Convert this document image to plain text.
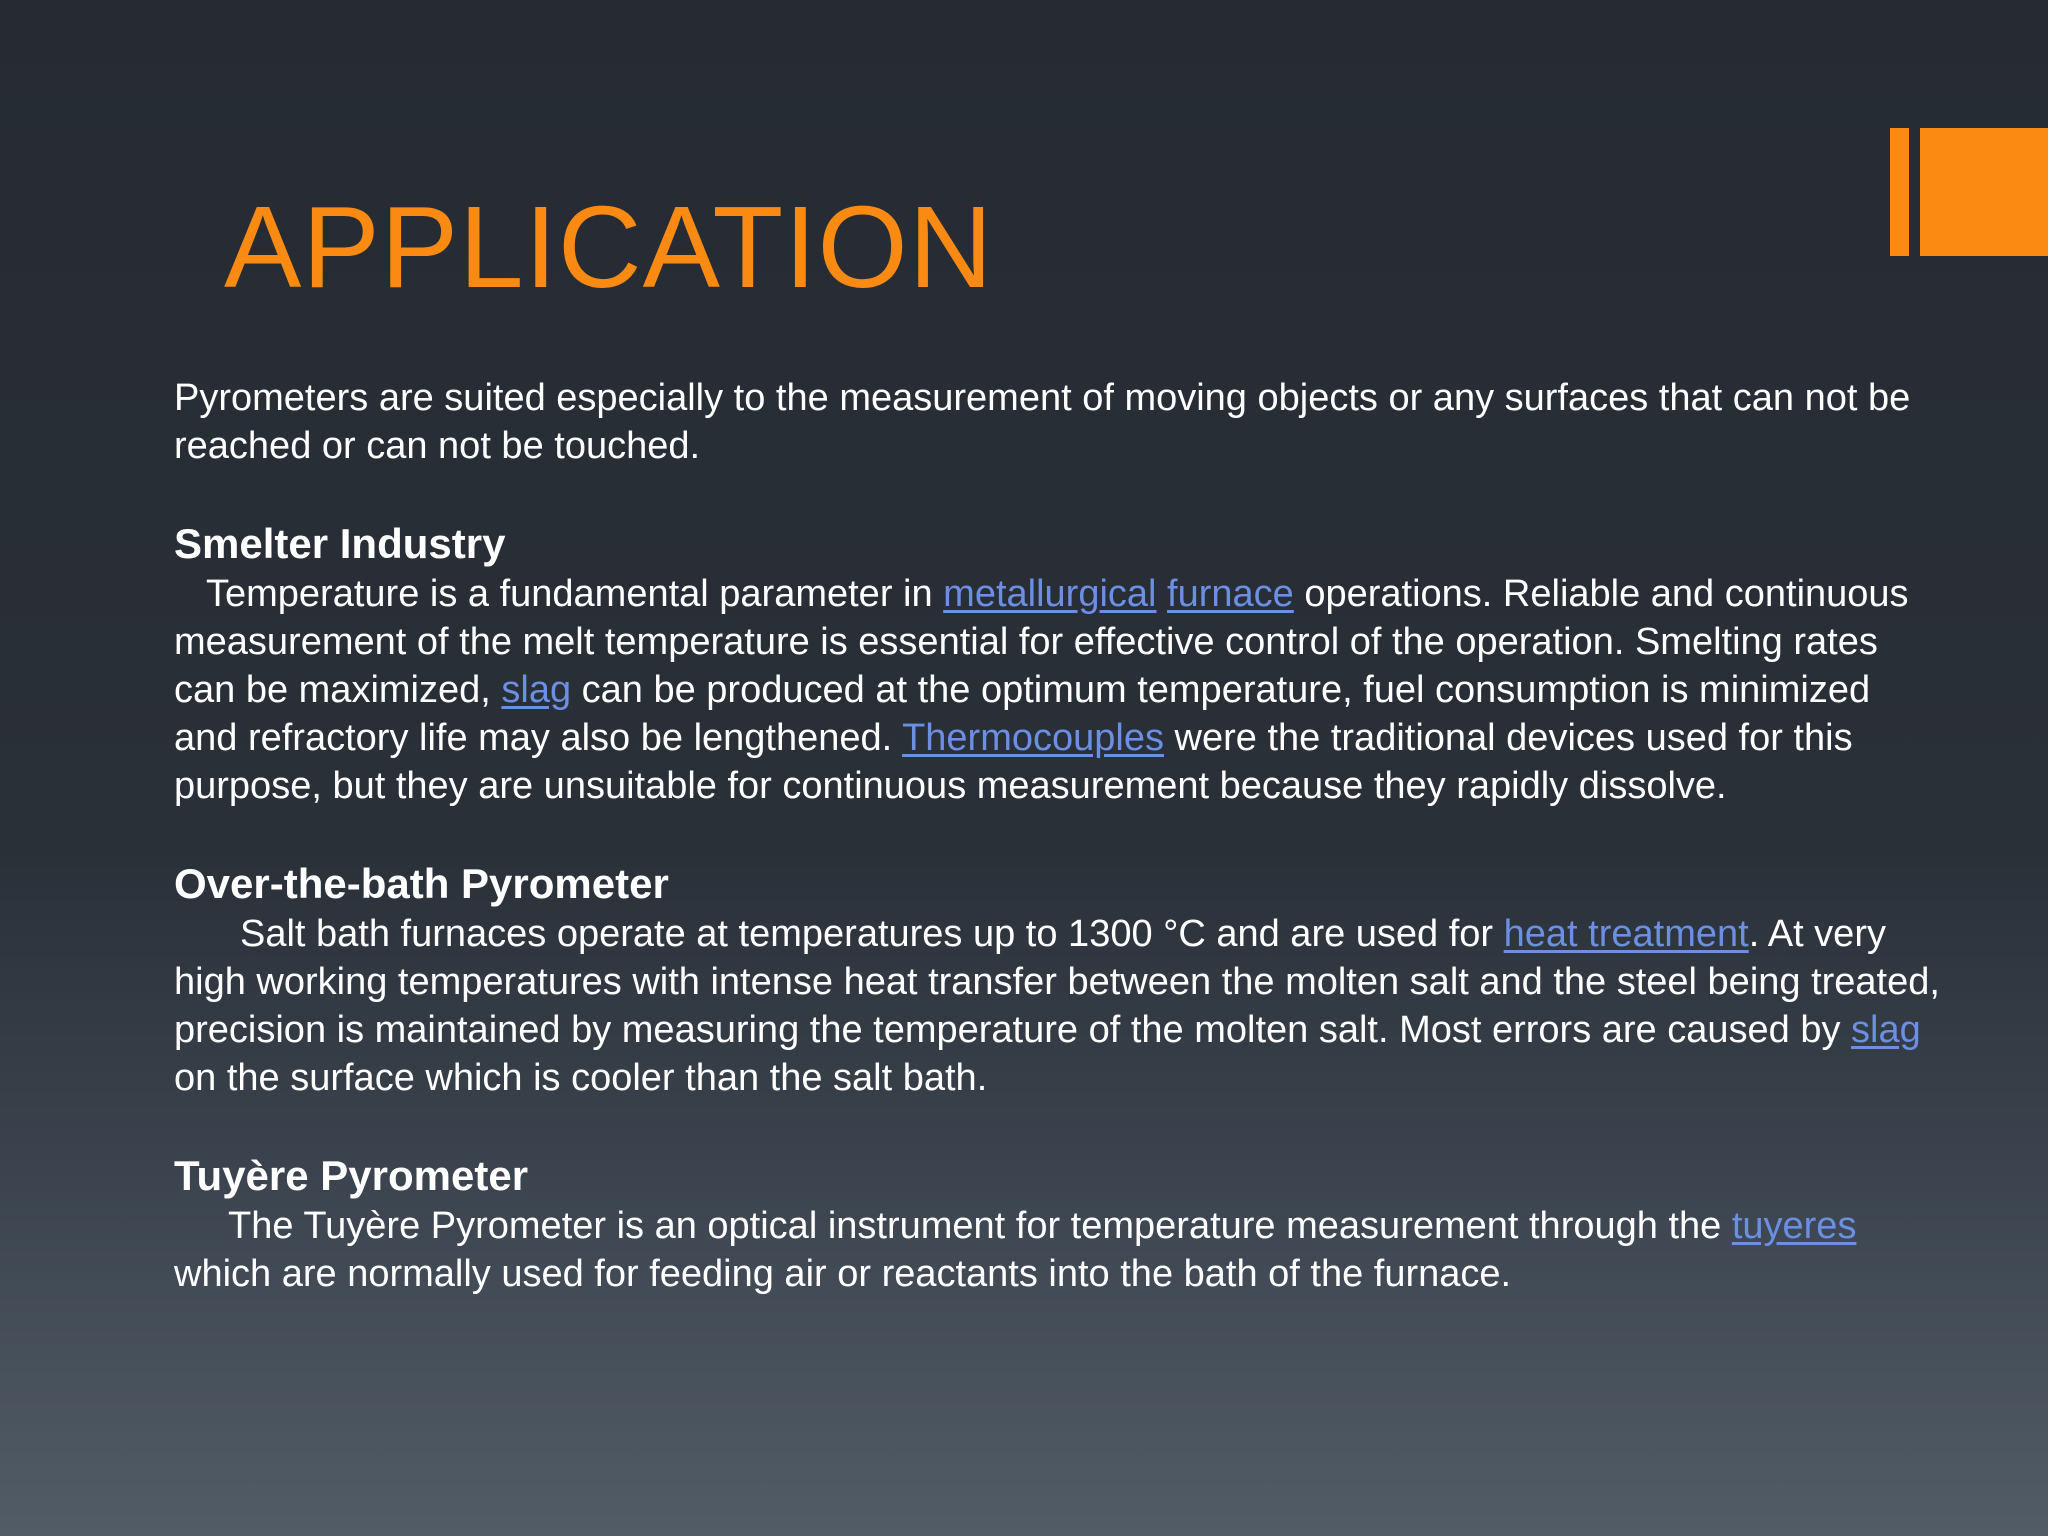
APPLICATION

Pyrometers are suited especially to the measurement of moving objects or any surfaces that can not be reached or can not be touched.

Smelter Industry

Temperature is a fundamental parameter in metallurgical furnace operations. Reliable and continuous measurement of the melt temperature is essential for effective control of the operation. Smelting rates can be maximized, slag can be produced at the optimum temperature, fuel consumption is minimized and refractory life may also be lengthened. Thermocouples were the traditional devices used for this purpose, but they are unsuitable for continuous measurement because they rapidly dissolve.

Over-the-bath Pyrometer

Salt bath furnaces operate at temperatures up to 1300 °C and are used for heat treatment. At very high working temperatures with intense heat transfer between the molten salt and the steel being treated, precision is maintained by measuring the temperature of the molten salt. Most errors are caused by slag on the surface which is cooler than the salt bath.

Tuyère Pyrometer

The Tuyère Pyrometer is an optical instrument for temperature measurement through the tuyeres which are normally used for feeding air or reactants into the bath of the furnace.
